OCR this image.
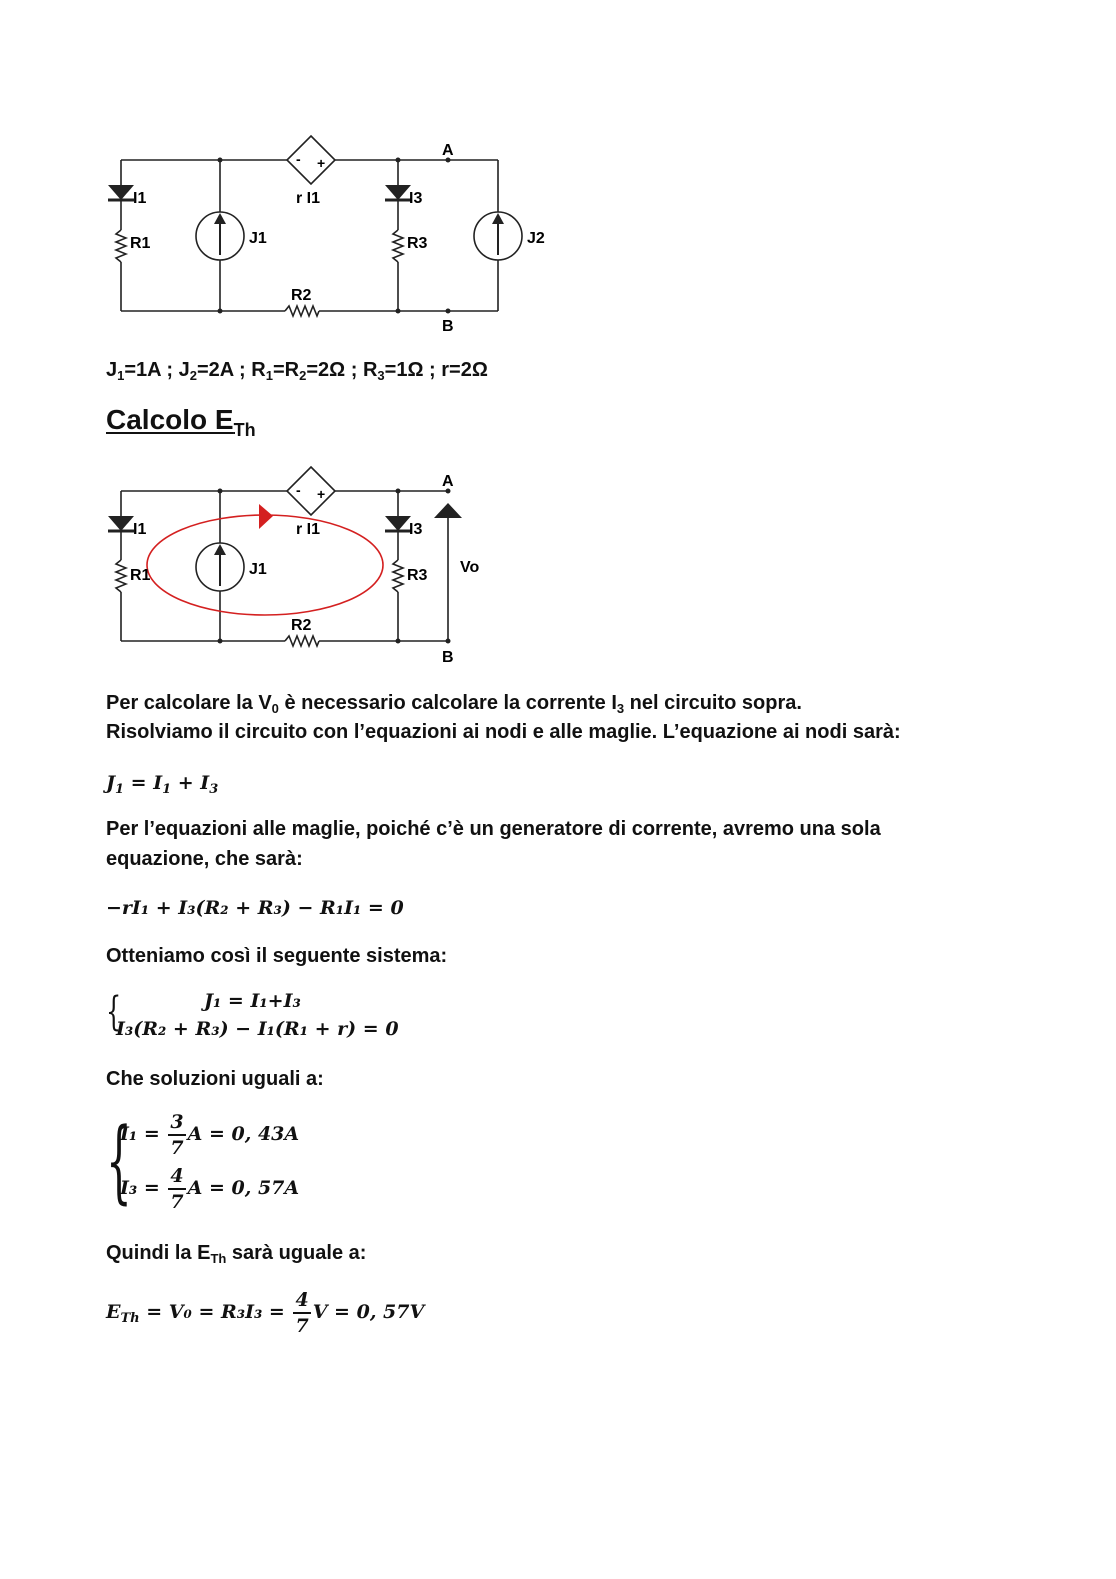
I1
R1	J1
r I1	I3
R3	J2
R2
A
B
- +
$J_1=1A$ ; $J_2=2A$ ; $R_1=R_2=2\Omega$ ; $R_3=1\Omega$ ; r=2Ω
Calcolo $E_{Th}$
I1
R1	J1
r I1	I3
R3 Vo
R2
A
B
- +
Per calcolare la $V_0$ è necessario calcolare la corrente $I_3$ nel circuito sopra.
Risolviamo il circuito con l’equazioni ai nodi e alle maglie. L’equazione ai nodi sarà:
$J_1 = I_1 + I_3$
Per l’equazioni alle maglie, poiché c’è un generatore di corrente, avremo una sola
equazione, che sarà:
−rI₁ + I₃(R₂ + R₃) − R₁I₁ = 0
Otteniamo così il seguente sistema:
{	J₁ = I₁+I₃
I₃(R₂ + R₃) − I₁(R₁ + r) = 0
Che soluzioni uguali a:
{
$I_1 = \frac{3}{7}$ A = 0, 43A
$I_3 = \frac{4}{7}$ A = 0, 57A
Quindi la $E_{Th}$ sarà uguale a:
$E_{Th} = V_0 = R_3I_3 = \frac{4}{7}$ V = 0, 57V
